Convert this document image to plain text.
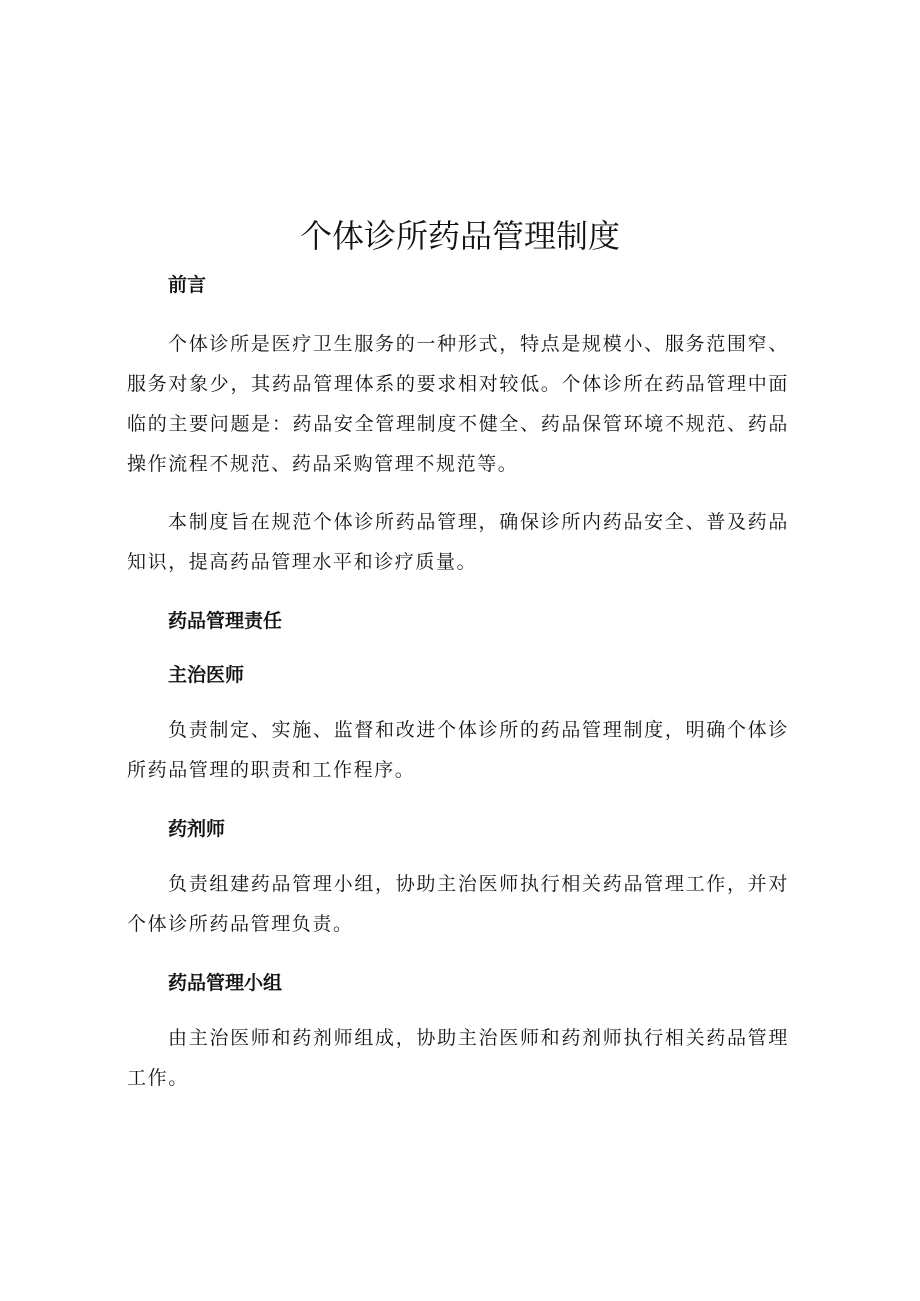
个体诊所药品管理制度

前言

个体诊所是医疗卫生服务的一种形式，特点是规模小、服务范围窄、服务对象少，其药品管理体系的要求相对较低。个体诊所在药品管理中面临的主要问题是：药品安全管理制度不健全、药品保管环境不规范、药品操作流程不规范、药品采购管理不规范等。

本制度旨在规范个体诊所药品管理，确保诊所内药品安全、普及药品知识，提高药品管理水平和诊疗质量。

药品管理责任

主治医师

负责制定、实施、监督和改进个体诊所的药品管理制度，明确个体诊所药品管理的职责和工作程序。

药剂师

负责组建药品管理小组，协助主治医师执行相关药品管理工作，并对个体诊所药品管理负责。

药品管理小组

由主治医师和药剂师组成，协助主治医师和药剂师执行相关药品管理工作。
